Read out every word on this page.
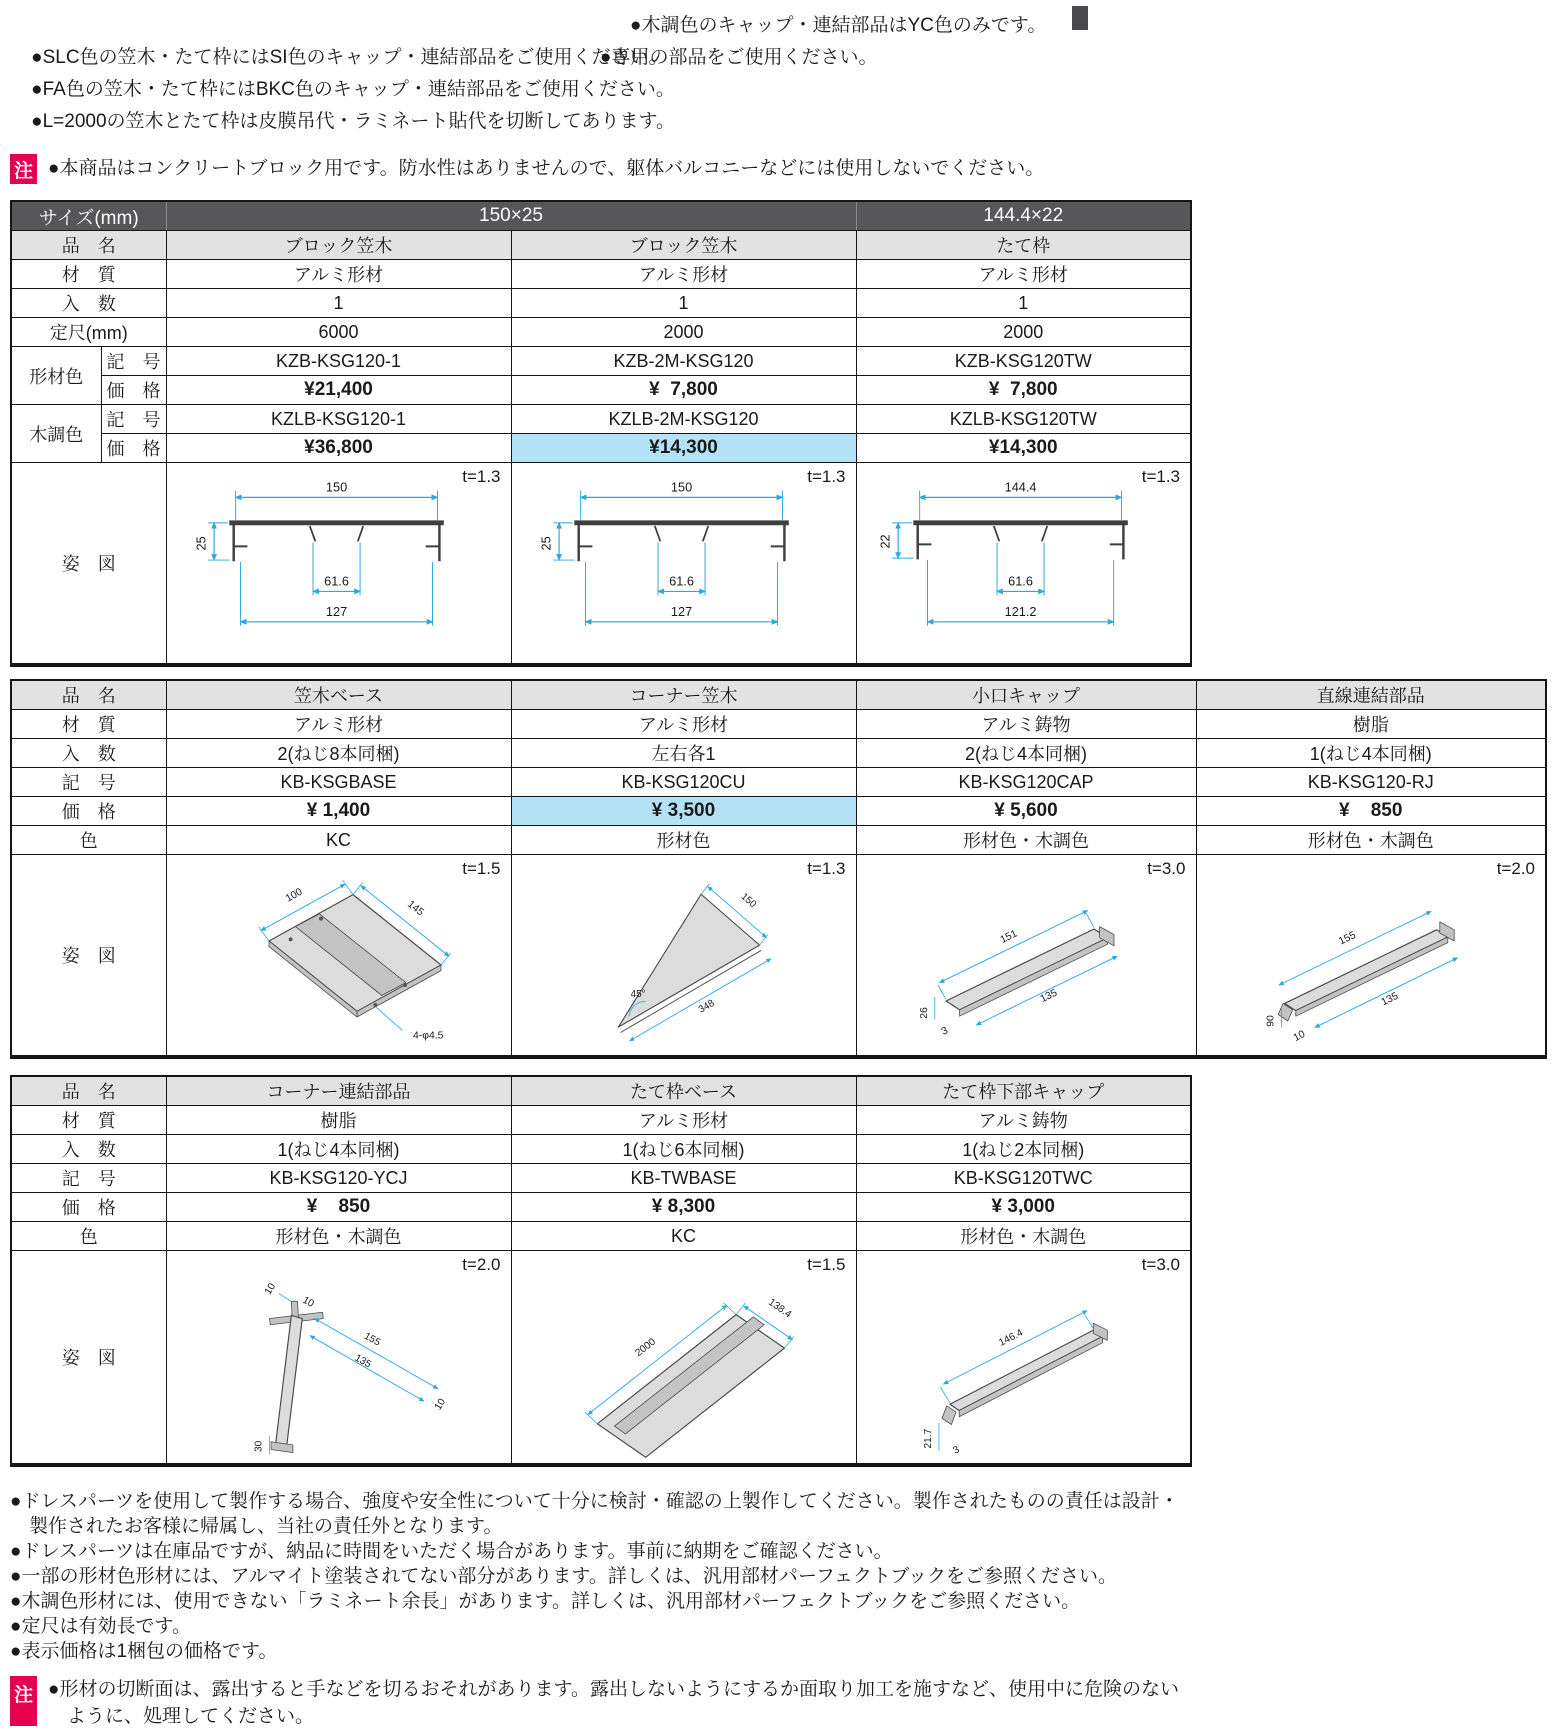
●SLC色の笠木・たて枠にはSI色のキャップ・連結部品をご使用ください。

●木調色のキャップ・連結部品はYC色のみです。

●FA色の笠木・たて枠にはBKC色のキャップ・連結部品をご使用ください。

●専用の部品をご使用ください。

●L=2000の笠木とたて枠は皮膜吊代・ラミネート貼代を切断してあります。

注 ●本商品はコンクリートブロック用です。防水性はありませんので、躯体バルコニーなどには使用しないでください。
サイズ(mm)		150×25		144.4×22
品　名		ブロック笠木	ブロック笠木	たて枠
材　質		アルミ形材	アルミ形材	アルミ形材
入　数		1	1	1
定尺(mm)		6000	2000	2000
形材色	記　号	KZB-KSG120-1	KZB-2M-KSG120	KZB-KSG120TW
	価　格	¥21,400	¥  7,800	¥  7,800
木調色	記　号	KZLB-KSG120-1	KZLB-2M-KSG120	KZLB-KSG120TW
	価　格	¥36,800	¥14,300	¥14,300
姿　図		t=1.3
150
25
61.6
127	t=1.3
150
25
61.6
127	t=1.3
144.4
22
61.6
121.2
品　名	笠木ベース	コーナー笠木	小口キャップ	直線連結部品
材　質	アルミ形材	アルミ形材	アルミ鋳物	樹脂
入　数	2(ねじ8本同梱)	左右各1	2(ねじ4本同梱)	1(ねじ4本同梱)
記　号	KB-KSGBASE	KB-KSG120CU	KB-KSG120CAP	KB-KSG120-RJ
価　格	¥ 1,400	¥ 3,500	¥ 5,600	¥    850
色	KC	形材色	形材色・木調色	形材色・木調色
姿　図	t=1.5
100
145
4-φ4.5	t=1.3
45°
150
348	t=3.0
151
135
26
3	t=2.0
155
135
90
10
品　名	コーナー連結部品	たて枠ベース	たて枠下部キャップ
材　質	樹脂	アルミ形材	アルミ鋳物
入　数	1(ねじ4本同梱)	1(ねじ6本同梱)	1(ねじ2本同梱)
記　号	KB-KSG120-YCJ	KB-TWBASE	KB-KSG120TWC
価　格	¥    850	¥ 8,300	¥ 3,000
色	形材色・木調色	KC	形材色・木調色
姿　図	
t=2.0
10
10
155
135
10
30

t=1.5
2000
138.4

t=3.0
146.4
21.7
3
●ドレスパーツを使用して製作する場合、強度や安全性について十分に検討・確認の上製作してください。製作されたものの責任は設計・製作されたお客様に帰属し、当社の責任外となります。
●ドレスパーツは在庫品ですが、納品に時間をいただく場合があります。事前に納期をご確認ください。
●一部の形材色形材には、アルマイト塗装されてない部分があります。詳しくは、汎用部材パーフェクトブックをご参照ください。
●木調色形材には、使用できない「ラミネート余長」があります。詳しくは、汎用部材パーフェクトブックをご参照ください。
●定尺は有効長です。
●表示価格は1梱包の価格です。
注 ●形材の切断面は、露出すると手などを切るおそれがあります。露出しないようにするか面取り加工を施すなど、使用中に危険のないように、処理してください。
